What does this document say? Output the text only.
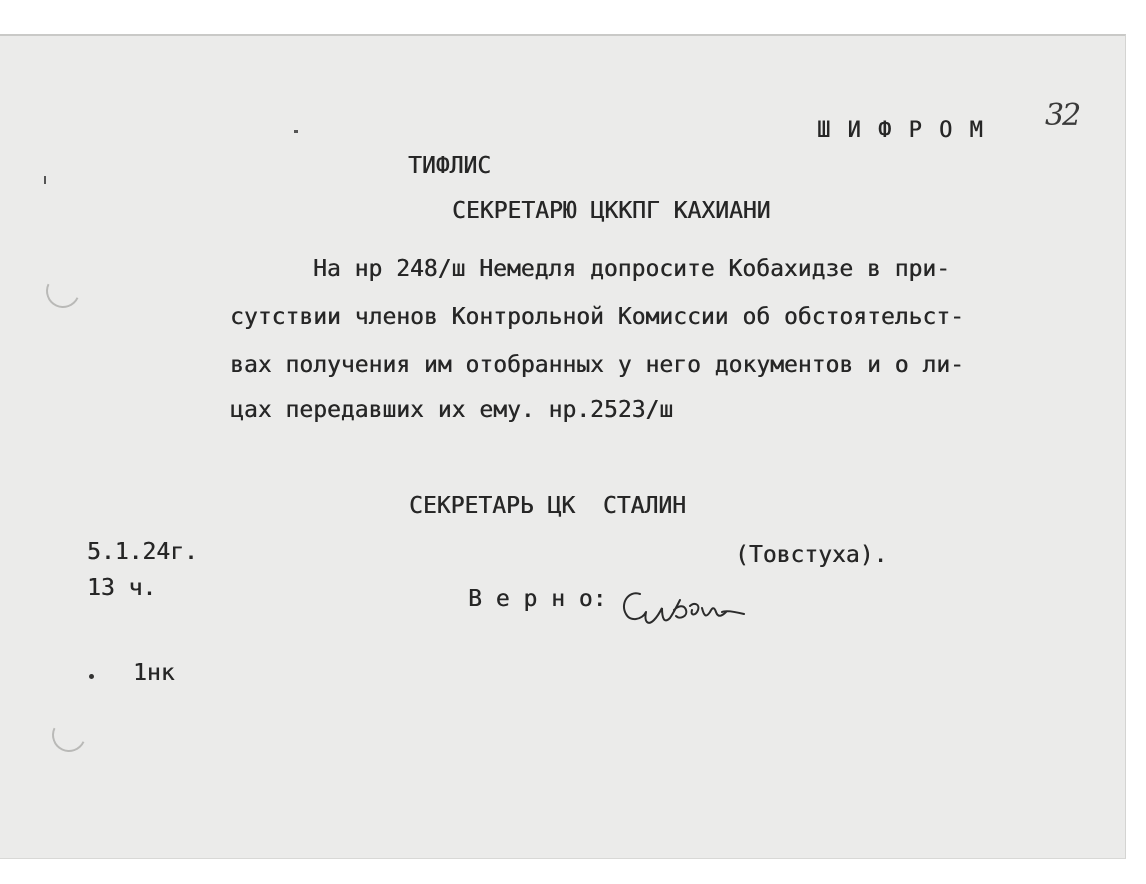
32
Ш И Ф Р О М
ТИФЛИС
СЕКРЕТАРЮ ЦККПГ КАХИАНИ
На нр 248/ш Немедля допросите Кобахидзе в при-
сутствии членов Контрольной Комиссии об обстоятельст-
вах получения им отобранных у него документов и о ли-
цах передавших их ему. нр.2523/ш
СЕКРЕТАРЬ ЦК  СТАЛИН
5.1.24г.	(Товстуха).
13 ч.	В е р н о:
1нк
